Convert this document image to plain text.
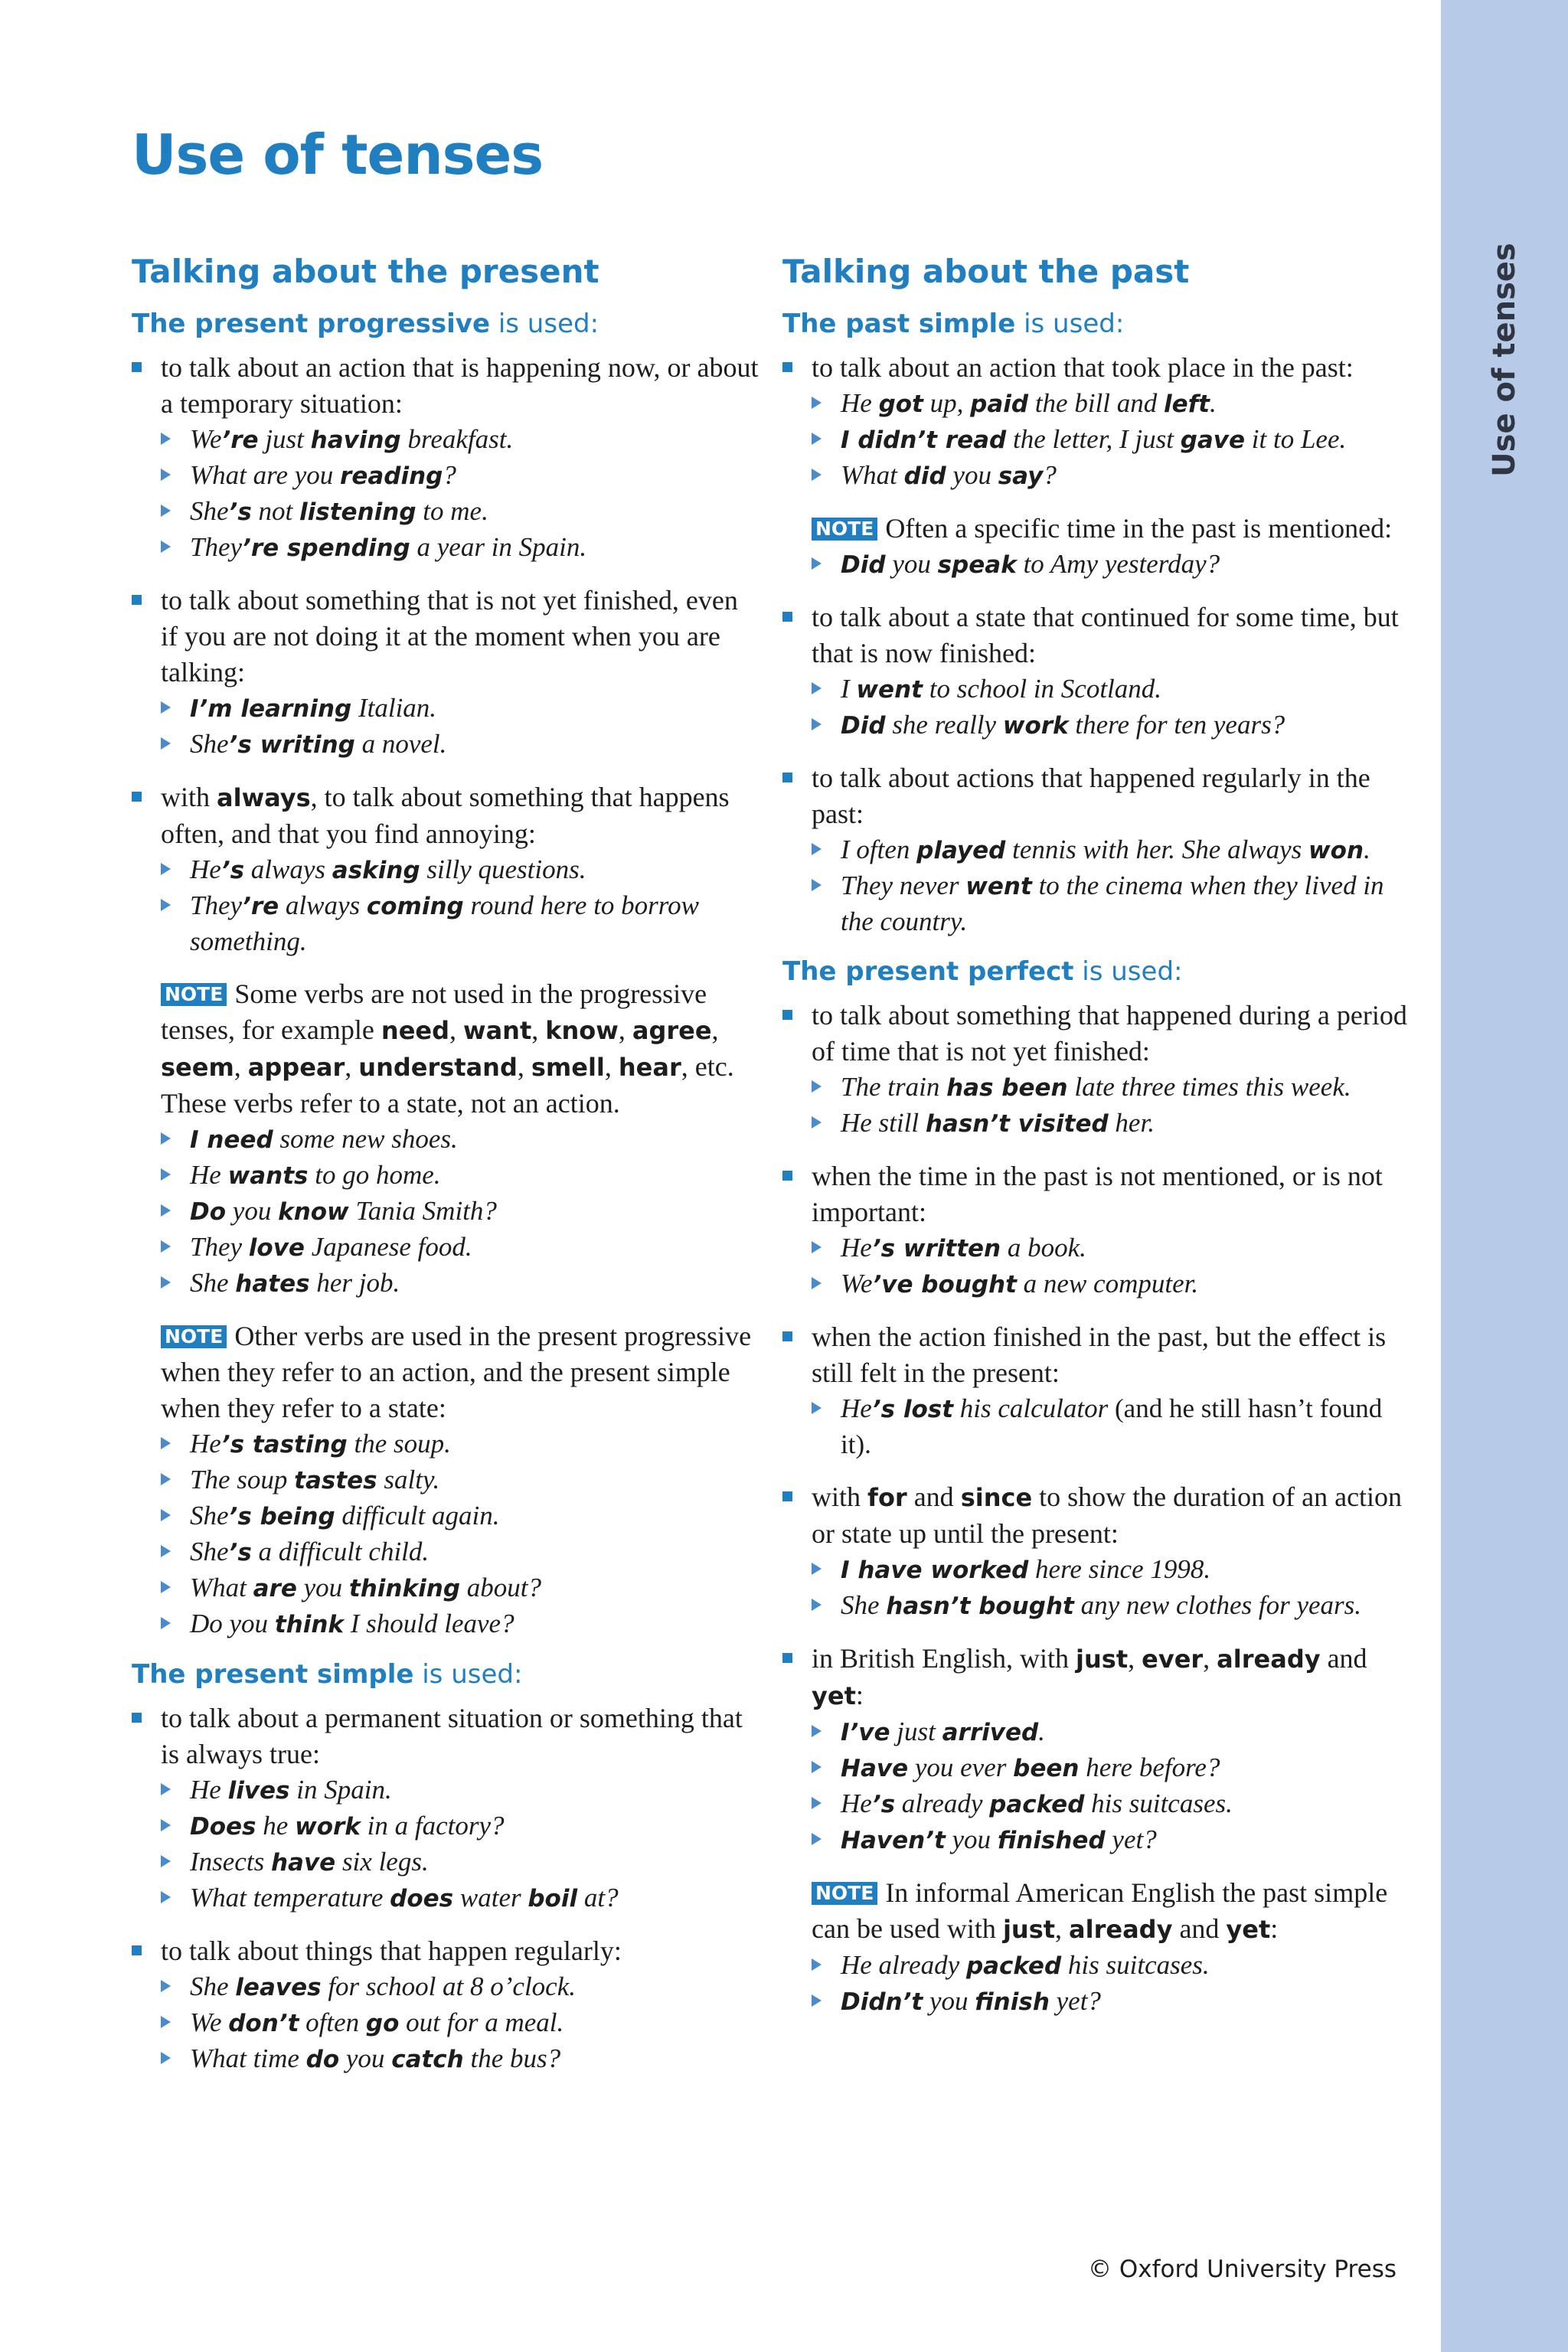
Use of tenses
Use of tenses
Talking about the present
The present progressive is used:
to talk about an action that is happening now, or about a temporary situation:
We’re just having breakfast.
What are you reading?
She’s not listening to me.
They’re spending a year in Spain.
to talk about something that is not yet finished, even if you are not doing it at the moment when you are talking:
I’m learning Italian.
She’s writing a novel.
with always, to talk about something that happens often, and that you find annoying:
He’s always asking silly questions.
They’re always coming round here to borrow something.
NOTE Some verbs are not used in the progressive tenses, for example need, want, know, agree, seem, appear, understand, smell, hear, etc. These verbs refer to a state, not an action.
I need some new shoes.
He wants to go home.
Do you know Tania Smith?
They love Japanese food.
She hates her job.
NOTE Other verbs are used in the present progressive when they refer to an action, and the present simple when they refer to a state:
He’s tasting the soup.
The soup tastes salty.
She’s being difficult again.
She’s a difficult child.
What are you thinking about?
Do you think I should leave?
The present simple is used:
to talk about a permanent situation or something that is always true:
He lives in Spain.
Does he work in a factory?
Insects have six legs.
What temperature does water boil at?
to talk about things that happen regularly:
She leaves for school at 8 o’clock.
We don’t often go out for a meal.
What time do you catch the bus?
Talking about the past
The past simple is used:
to talk about an action that took place in the past:
He got up, paid the bill and left.
I didn’t read the letter, I just gave it to Lee.
What did you say?
NOTE Often a specific time in the past is mentioned:
Did you speak to Amy yesterday?
to talk about a state that continued for some time, but that is now finished:
I went to school in Scotland.
Did she really work there for ten years?
to talk about actions that happened regularly in the past:
I often played tennis with her. She always won.
They never went to the cinema when they lived in the country.
The present perfect is used:
to talk about something that happened during a period of time that is not yet finished:
The train has been late three times this week.
He still hasn’t visited her.
when the time in the past is not mentioned, or is not important:
He’s written a book.
We’ve bought a new computer.
when the action finished in the past, but the effect is still felt in the present:
He’s lost his calculator (and he still hasn’t found it).
with for and since to show the duration of an action or state up until the present:
I have worked here since 1998.
She hasn’t bought any new clothes for years.
in British English, with just, ever, already and yet:
I’ve just arrived.
Have you ever been here before?
He’s already packed his suitcases.
Haven’t you finished yet?
NOTE In informal American English the past simple can be used with just, already and yet:
He already packed his suitcases.
Didn’t you finish yet?
© Oxford University Press
